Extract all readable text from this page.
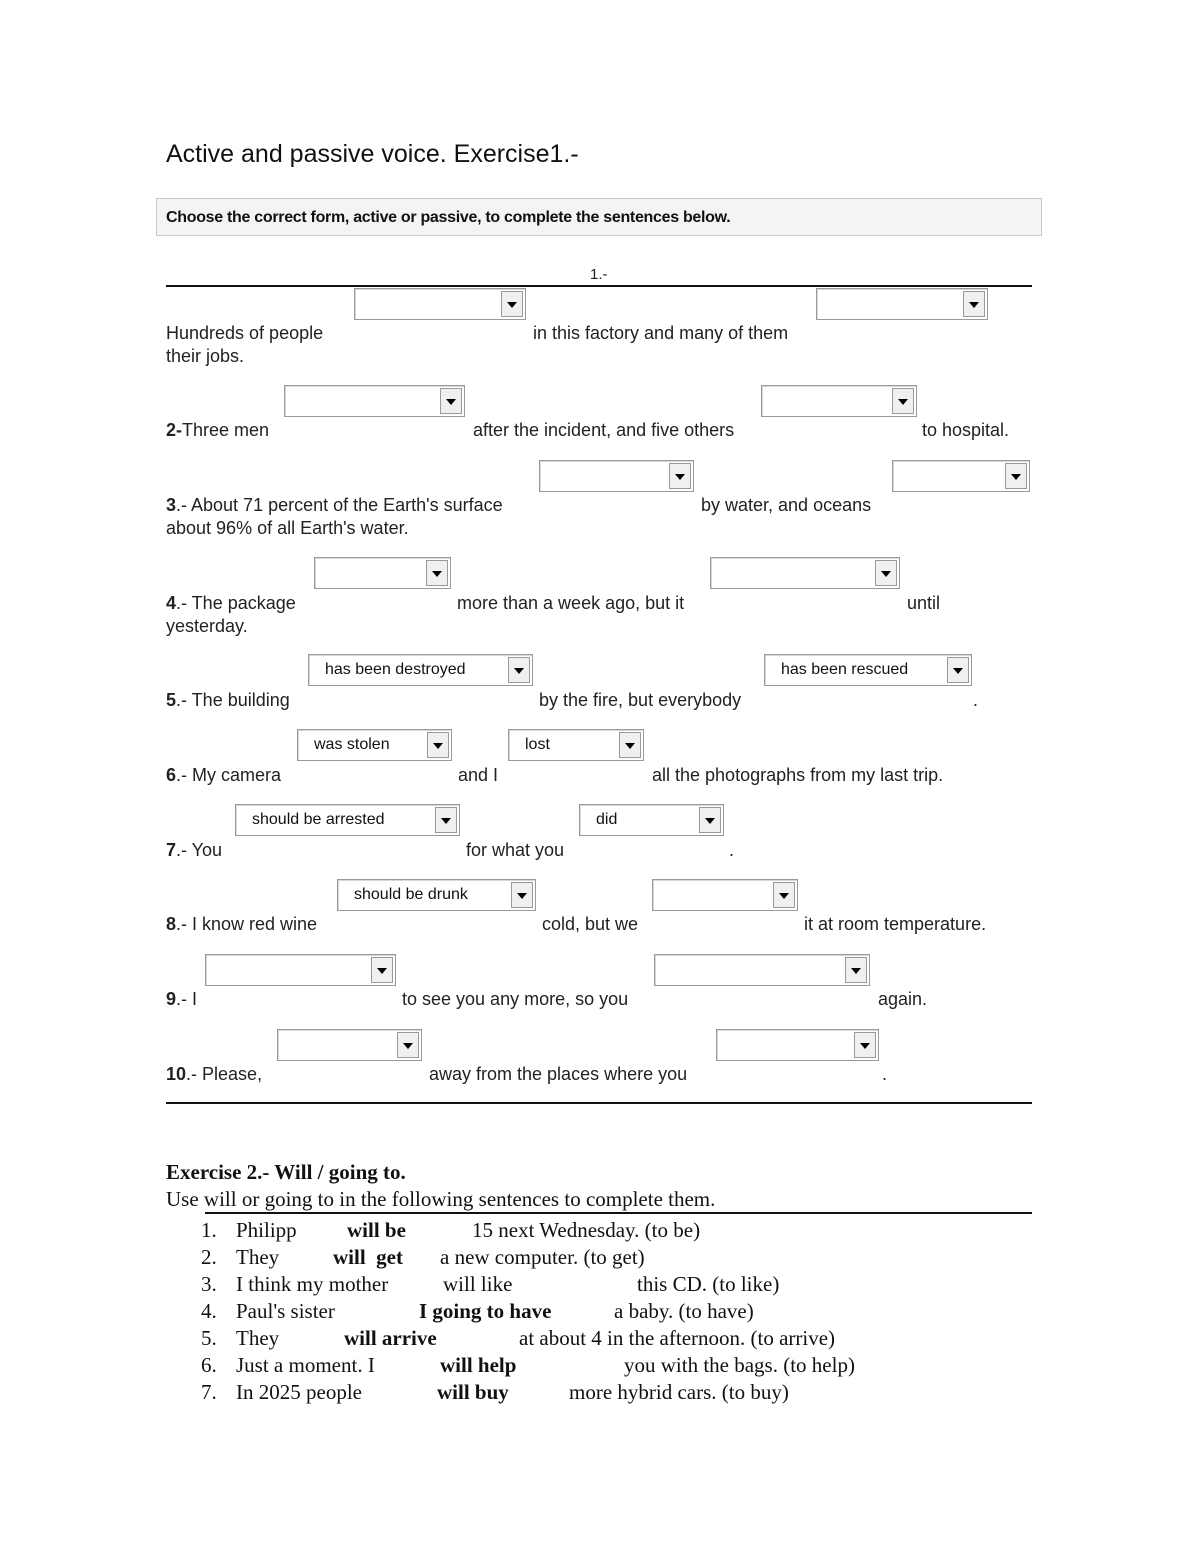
Active and passive voice. Exercise1.-
Choose the correct form, active or passive, to complete the sentences below.
1.-
Hundreds of people	in this factory and many of them
their jobs.
2-Three men	after the incident, and five others	to hospital.
3.- About 71 percent of the Earth's surface	by water, and oceans
about 96% of all Earth's water.
4.- The package	more than a week ago, but it	until
yesterday.
has been destroyed	has been rescued
5.- The building	by the fire, but everybody	.
was stolen	lost
6.- My camera	and I	all the photographs from my last trip.
should be arrested	did
7.- You	for what you	.
should be drunk
8.- I know red wine	cold, but we	it at room temperature.
9.- I	to see you any more, so you	again.
10.- Please,	away from the places where you	.
Exercise 2.- Will / going to.
Use will or going to in the following sentences to complete them.
1. Philipp will be	15 next Wednesday. (to be)
2. They	will  get a new computer. (to get)
3. I think my mother	will like	this CD. (to like)
4. Paul's sister	I going to have	a baby. (to have)
5. They	will arrive	at about 4 in the afternoon. (to arrive)
6. Just a moment. I	will help	you with the bags. (to help)
7. In 2025 people	will buy	more hybrid cars. (to buy)
